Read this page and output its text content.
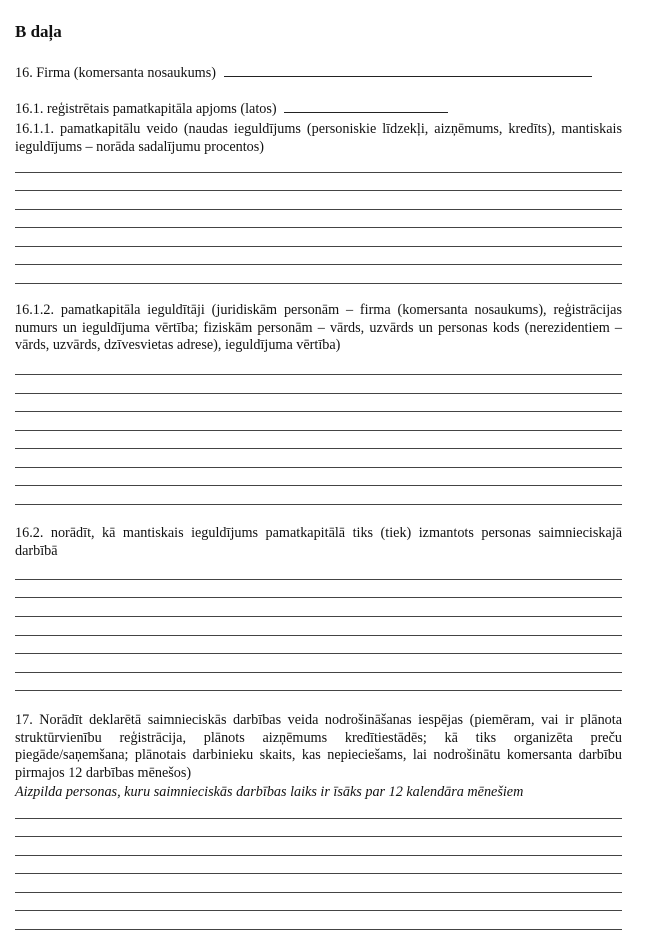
B daļa

16. Firma (komersanta nosaukums)

16.1. reģistrētais pamatkapitāla apjoms (latos)

16.1.1. pamatkapitālu veido (naudas ieguldījums (personiskie līdzekļi, aizņēmums, kredīts), mantiskais ieguldījums – norāda sadalījumu procentos)

16.1.2. pamatkapitāla ieguldītāji (juridiskām personām – firma (komersanta nosaukums), reģistrācijas numurs un ieguldījuma vērtība; fiziskām personām – vārds, uzvārds un personas kods (nerezidentiem – vārds, uzvārds, dzīvesvietas adrese), ieguldījuma vērtība)

16.2. norādīt, kā mantiskais ieguldījums pamatkapitālā tiks (tiek) izmantots personas saimnieciskajā darbībā

17. Norādīt deklarētā saimnieciskās darbības veida nodrošināšanas iespējas (piemēram, vai ir plānota struktūrvienību reģistrācija, plānots aizņēmums kredītiestādēs; kā tiks organizēta preču piegāde/saņemšana; plānotais darbinieku skaits, kas nepieciešams, lai nodrošinātu komersanta darbību pirmajos 12 darbības mēnešos)

Aizpilda personas, kuru saimnieciskās darbības laiks ir īsāks par 12 kalendāra mēnešiem
